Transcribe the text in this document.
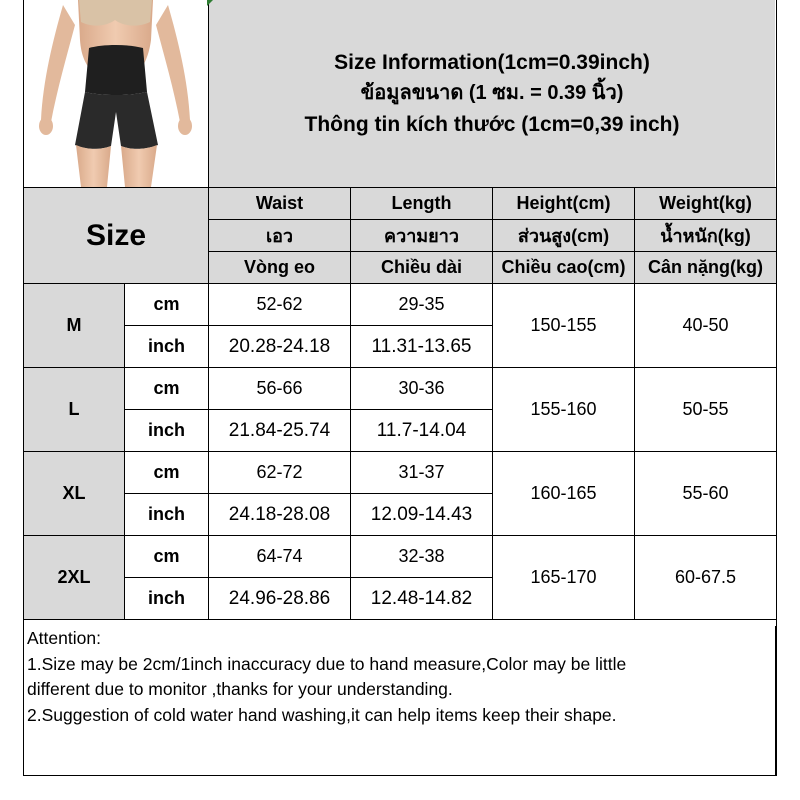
Size Information(1cm=0.39inch)
ข้อมูลขนาด (1 ซม. = 0.39 นิ้ว)
Thông tin kích thước (1cm=0,39 inch)
Size		Waist	Length	Height(cm)	Weight(kg)
		เอว	ความยาว	ส่วนสูง(cm)	น้ำหนัก(kg)
		Vòng eo	Chiều dài	Chiều cao(cm)	Cân nặng(kg)
M	cm	52-62	29-35	150-155	40-50
	inch	20.28-24.18	11.31-13.65		
L	cm	56-66	30-36	155-160	50-55
	inch	21.84-25.74	11.7-14.04		
XL	cm	62-72	31-37	160-165	55-60
	inch	24.18-28.08	12.09-14.43		
2XL	cm	64-74	32-38	165-170	60-67.5
	inch	24.96-28.86	12.48-14.82		
Attention:
1.Size may be 2cm/1inch inaccuracy due to hand measure,Color may be little
different due to monitor ,thanks for your understanding.
2.Suggestion of cold water hand washing,it can help items keep their shape.
